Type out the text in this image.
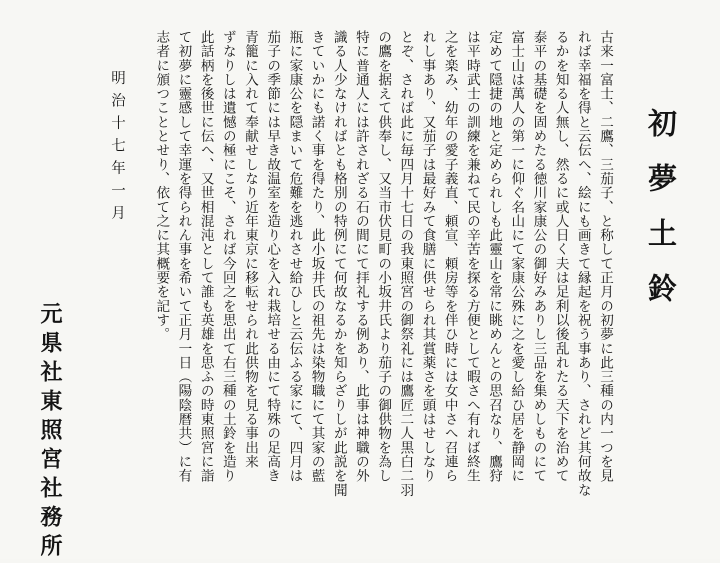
初夢土鈴
古来一富士、二鷹、三茄子、と称して正月の初夢に此三種の内一つを見
れば幸福を得と云伝へ、絵にも画きて縁起を祝う事あり、されど其何故な
るかを知る人無し、然るに或人日く夫は足利以後乱れたる天下を治めて
泰平の基礎を固めたる徳川家康公の御好みありし三品を集めしものにて
富士山は萬人の第一に仰ぐ名山にて家康公殊に之を愛し給ひ居を静岡に
定めて隠捷の地と定められしも此靈山を常に眺めんとの思召なり、鷹狩
は平時武士の訓練を兼ねて民の辛苦を探る方便として暇さへ有れば終生
之を楽み、幼年の愛子義直、頼宣、頼房等を伴ひ時には女中さへ召連ら
れし事あり、又茄子は最好みて食膳に供せられ其賞薬さを頭はせしなり
とぞ、されば此に毎四月十七日の我東照宮の御祭礼には鷹匠二人黒白二羽
の鷹を据えて供奉し、又当市伏見町の小坂井氏より茄子の御供物を為し
特に普通人には許されざる石の間にて拝礼する例あり、此事は神職の外
識る人少なければとも格別の特例にて何故なるかを知らざりしが此説を聞
きていかにも諾く事を得たり、此小坂井氏の祖先は染物職にて其家の藍
瓶に家康公を隠まいて危難を逃れさせ給ひしと云伝ふる家にて、四月は
茄子の季節には早き故温室を造り心を入れ栽培せる由にて特殊の足高き
青籠に入れて奉献せしなり近年東京に移転せられ此供物を見る事出来
ずなりしは遺憾の極にこそ、されば今回之を思出て右三種の土鈴を造り
此話柄を後世に伝へ、又世相混沌として誰も英雄を思ふの時東照宮に詣
て初夢に靈感して幸運を得られん事を希いて正月一日（陽陰暦共）に有
志者に頒つこととせり、依て之に其概要を記す。
明治十七年一月
元県社東照宮社務所
